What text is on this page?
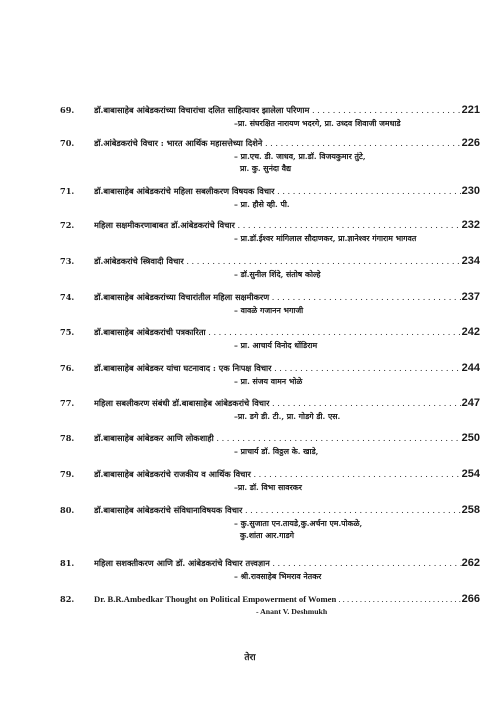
69.	डॉ.बाबासाहेब आंबेडकरांच्या विचारांचा दलित साहित्यावर झालेला परिणाम . . .	221
–प्रा. संघरक्षित नारायण भदरगे, प्रा. उध्दव शिवाजी जमधाडे
70.	डॉ.आंबेडकरांचे विचार : भारत आर्थिक महासत्तेच्या दिशेने . . .	226
– प्रा.एच. डी. जाधव, प्रा.डॉ. विजयकुमार तुंटे,
प्रा. कु. सुनंदा वैद्य
71.	डॉ.बाबासाहेब आंबेडकरांचे महिला सबलीकरण विषयक विचार . . .	230
– प्रा. हौसे व्ही. पी.
72.	महिला सक्षमीकरणाबाबत डॉ.आंबेडकरांचे विचार . . .	232
– प्रा.डॉ.ईश्वर मांगिलाल सौदाणकर, प्रा.ज्ञानेश्वर गंगाराम भागवत
73.	डॉ.आंबेडकरांचे स्त्रिवादी विचार . . .	234
– डॉ.सुनील शिंदे, संतोष कोल्हे
74.	डॉ.बाबासाहेब आंबेडकरांच्या विचारांतील महिला सक्षमीकरण . . .	237
– वावळे गजानन भगाजी
75.	डॉ.बाबासाहेब आंबेडकरांची पत्रकारिता . . .	242
– प्रा. आचार्य विनोद धोंडिराम
76.	डॉ.बाबासाहेब आंबेडकर यांचा घटनावाद : एक निःपक्ष विचार . . .	244
– प्रा. संजय वामन भोळे
77.	महिला सबलीकरण संबंधी डॉ.बाबासाहेब आंबेडकरांचे विचार . . .	247
–प्रा. डगे डी. टी., प्रा. गोडगे डी. एस.
78.	डॉ.बाबासाहेब आंबेडकर आणि लोकशाही . . .	250
– प्राचार्य डॉ. विठ्ठल के. खाडे,
79.	डॉ.बाबासाहेब आंबेडकरांचे राजकीय व आर्थिक विचार . . .	254
–प्रा. डॉ. विभा सावरकर
80.	डॉ.बाबासाहेब आंबेडकरांचे संविधानाविषयक विचार . . .	258
– कु.सुजाता एन.तायडे,कु.अर्चना एम.पोकळे,
कु.शांता आर.गाडगे
81.	महिला सशक्तीकरण आणि डॉ. आंबेडकरांचे विचार तत्त्वज्ञान . . .	262
– श्री.रावसाहेब भिमराव नेतकर
82.	Dr. B.R.Ambedkar Thought on Political Empowerment of Women . . .	266
- Anant V. Deshmukh
तेरा
